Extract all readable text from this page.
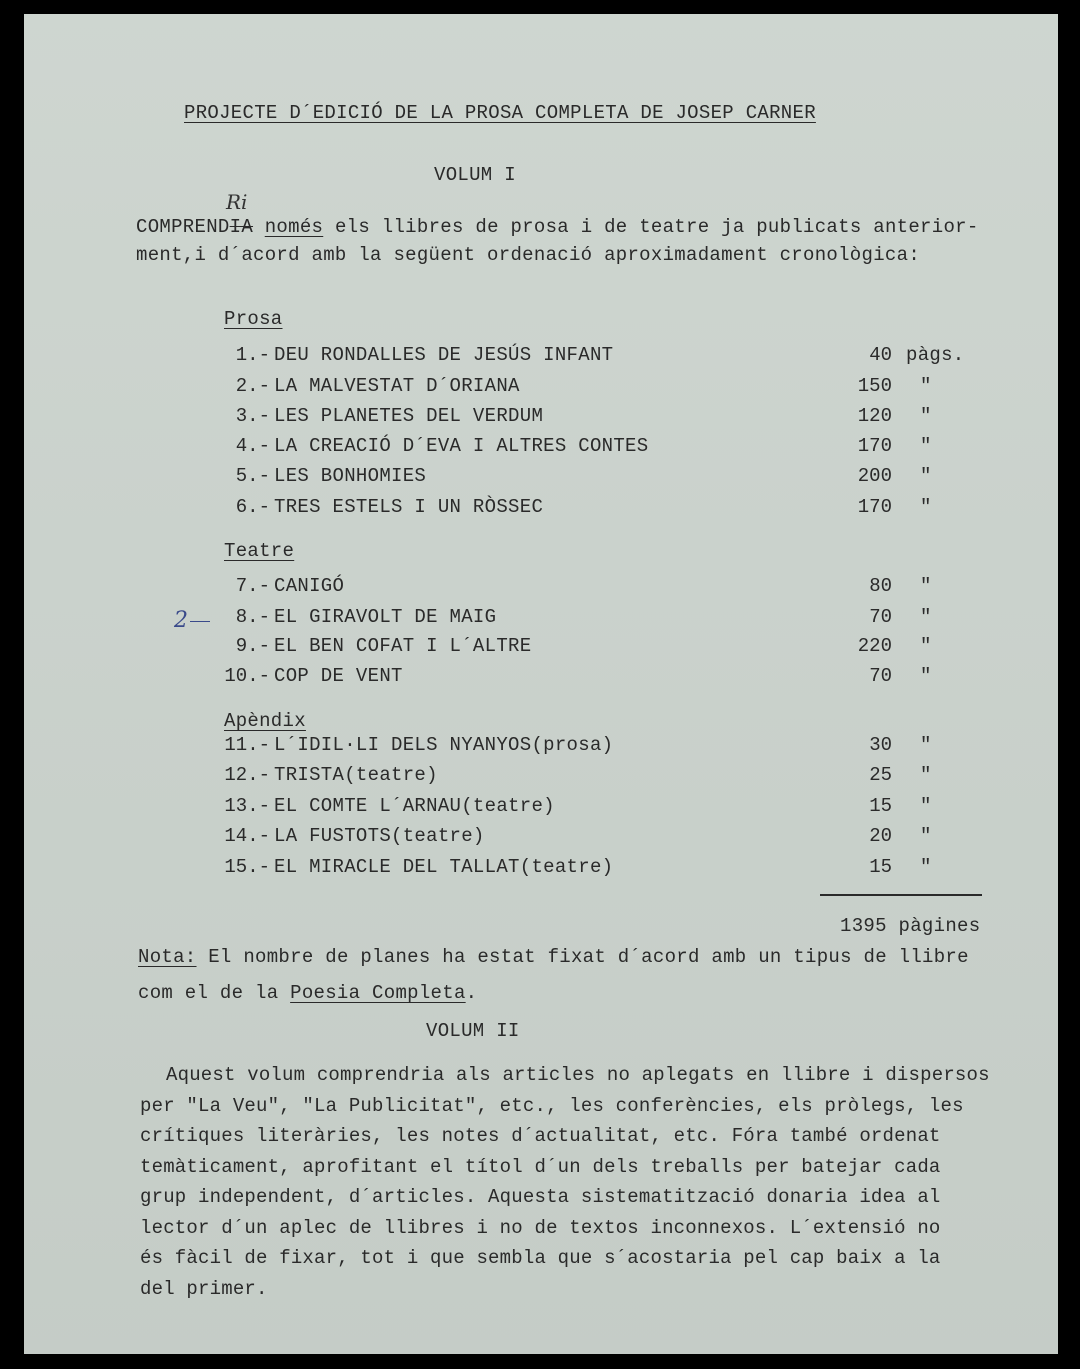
PROJECTE D´EDICIÓ DE LA PROSA COMPLETA DE JOSEP CARNER
VOLUM I
Ri
COMPRENDIA només els llibres de prosa i de teatre ja publicats anterior-
ment,i d´acord amb la següent ordenació aproximadament cronològica:
Prosa
1.- DEU RONDALLES DE JESÚS INFANT	40 pàgs.
2.- LA MALVESTAT D´ORIANA	150 "
3.- LES PLANETES DEL VERDUM	120 "
4.- LA CREACIÓ D´EVA I ALTRES CONTES	170 "
5.- LES BONHOMIES	200 "
6.- TRES ESTELS I UN RÒSSEC	170 "
7.- CANIGÓ	80 "
8.- EL GIRAVOLT DE MAIG	70 "
9.- EL BEN COFAT I L´ALTRE	220 "
10.- COP DE VENT	70 "
11.- L´IDIL·LI DELS NYANYOS(prosa)	30 "
12.- TRISTA(teatre)	25 "
13.- EL COMTE L´ARNAU(teatre)	15 "
14.- LA FUSTOTS(teatre)	20 "
15.- EL MIRACLE DEL TALLAT(teatre)	15 "
Teatre
2
Apèndix
1395 pàgines
Nota: El nombre de planes ha estat fixat d´acord amb un tipus de llibre
com el de la Poesia Completa.
VOLUM II
Aquest volum comprendria als articles no aplegats en llibre i dispersos
per "La Veu", "La Publicitat", etc., les conferències, els pròlegs, les
crítiques literàries, les notes d´actualitat, etc. Fóra també ordenat
temàticament, aprofitant el títol d´un dels treballs per batejar cada
grup independent, d´articles. Aquesta sistematització donaria idea al
lector d´un aplec de llibres i no de textos inconnexos. L´extensió no
és fàcil de fixar, tot i que sembla que s´acostaria pel cap baix a la
del primer.
